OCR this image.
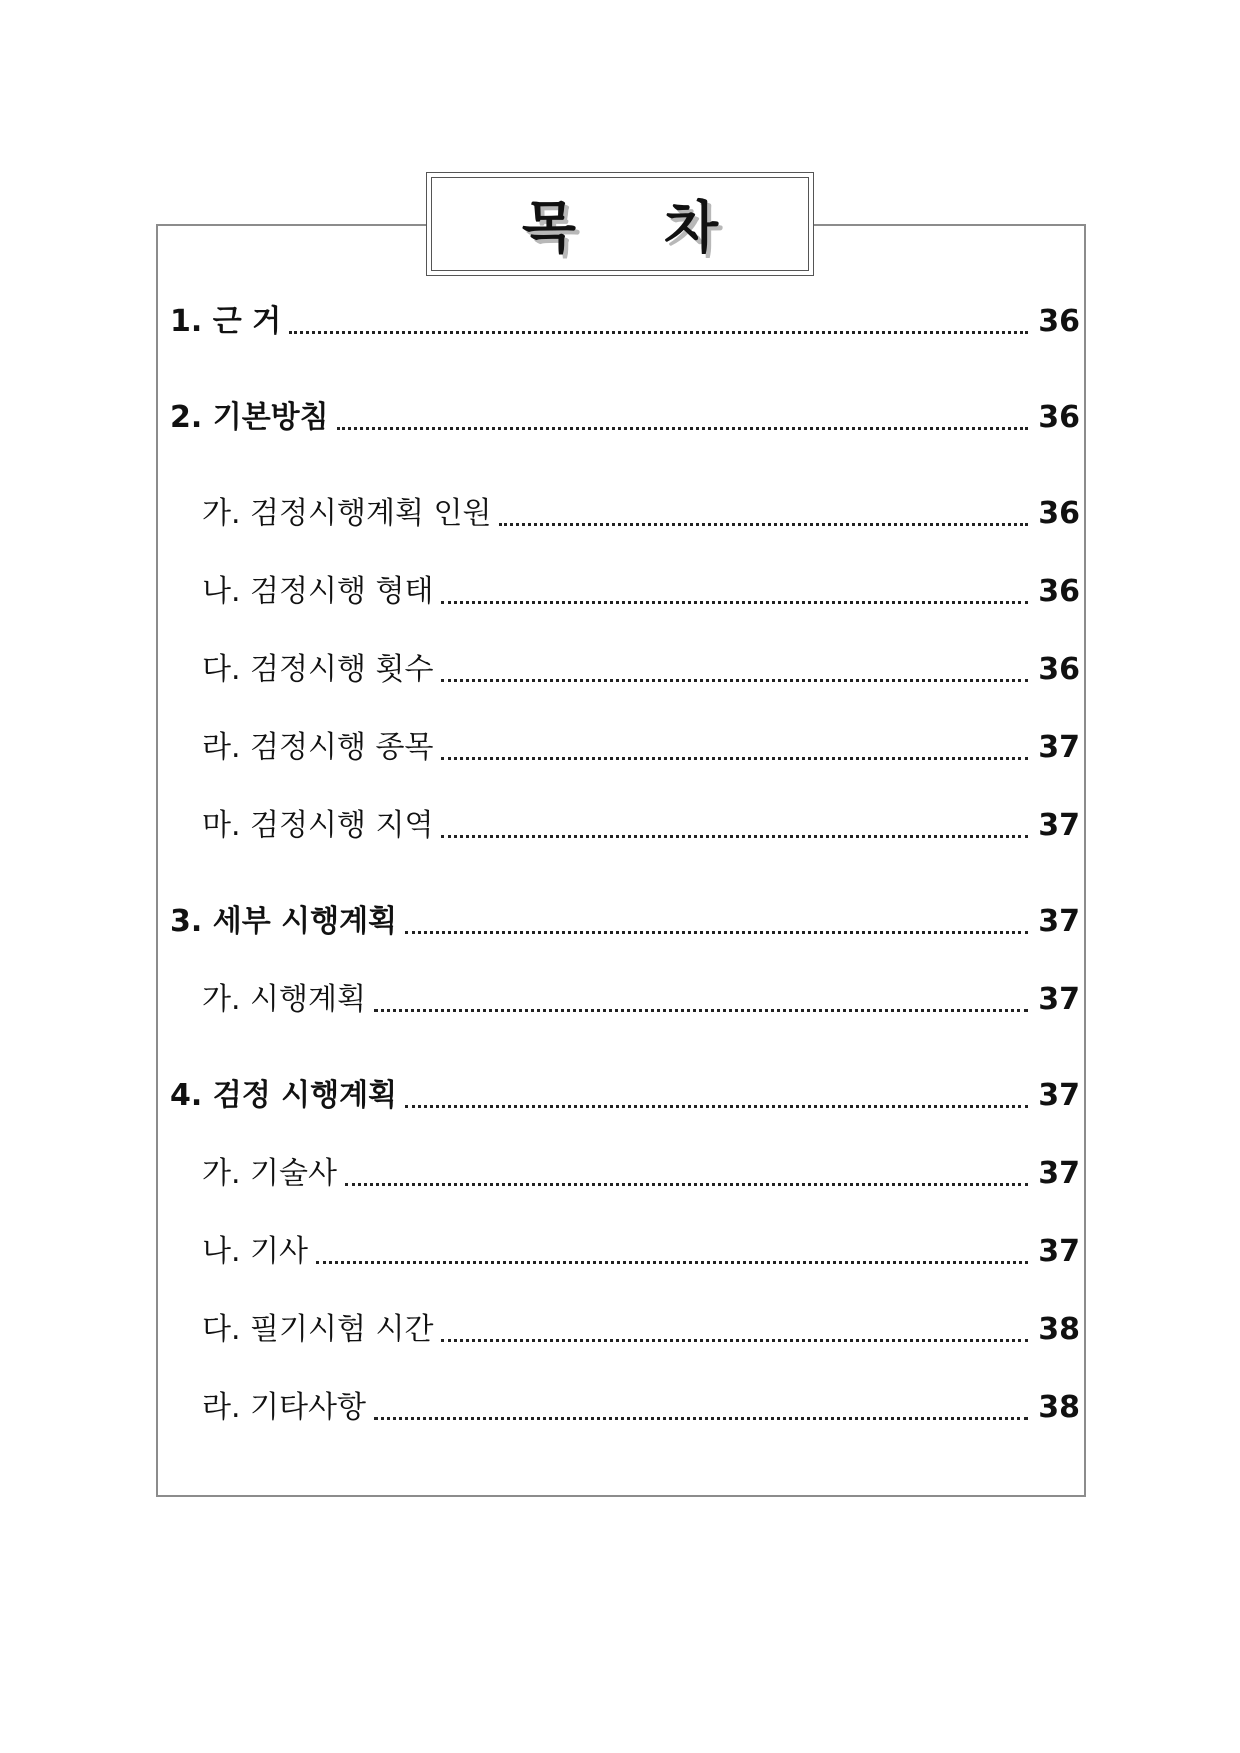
목 차
1. 근 거	36
2. 기본방침	36
가. 검정시행계획 인원	36
나. 검정시행 형태	36
다. 검정시행 횟수	36
라. 검정시행 종목	37
마. 검정시행 지역	37
3. 세부 시행계획	37
가. 시행계획	37
4. 검정 시행계획	37
가. 기술사	37
나. 기사	37
다. 필기시험 시간	38
라. 기타사항	38
